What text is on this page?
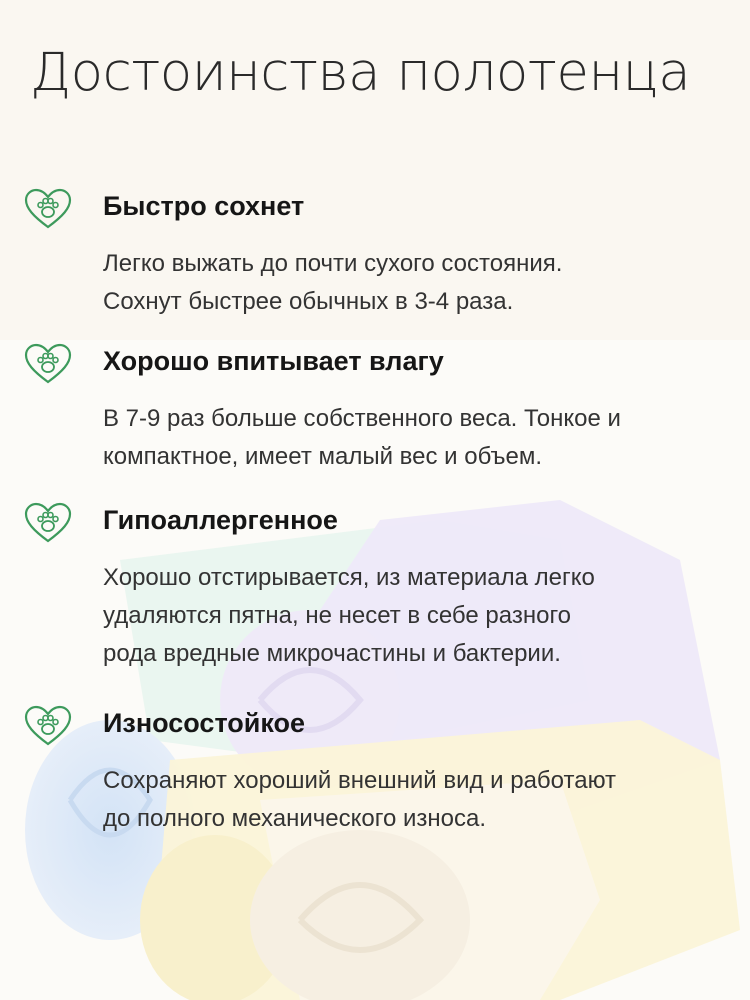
Достоинства полотенца
Быстро сохнет

Легко выжать до почти сухого состояния.
Сохнут быстрее обычных в 3-4 раза.

Хорошо впитывает влагу

В 7-9 раз больше собственного веса. Тонкое и
компактное, имеет малый вес и объем.

Гипоаллергенное

Хорошо отстирывается, из материала легко
удаляются пятна, не несет в себе разного
рода вредные микрочастины и бактерии.

Износостойкое

Сохраняют хороший внешний вид и работают
до полного механического износа.
